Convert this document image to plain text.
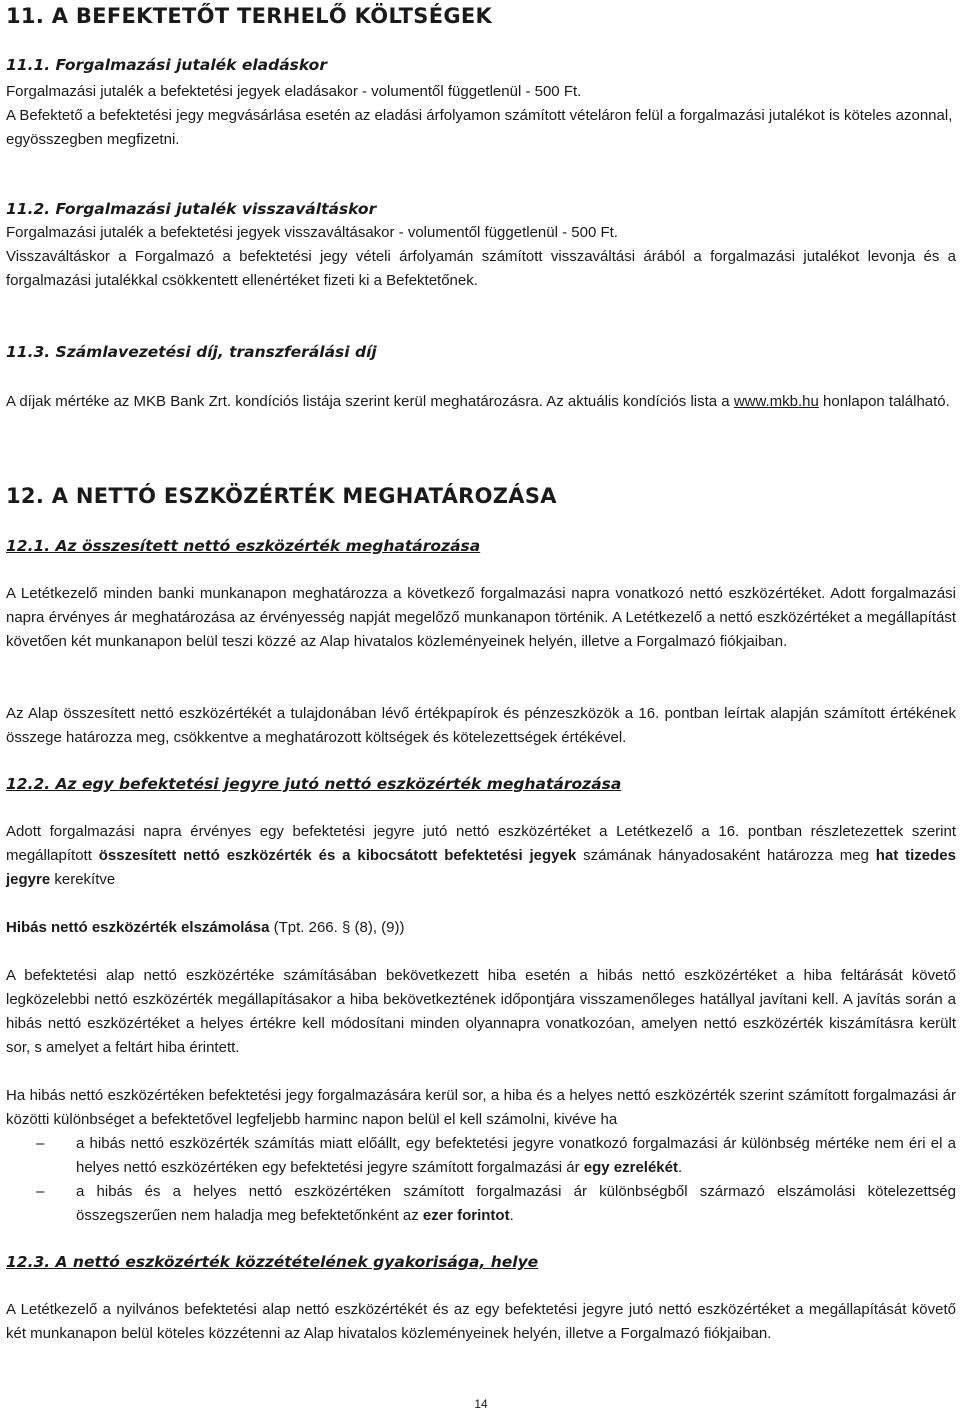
11. A BEFEKTETŐT TERHELŐ KÖLTSÉGEK
11.1. Forgalmazási jutalék eladáskor
Forgalmazási jutalék a befektetési jegyek eladásakor - volumentől függetlenül - 500 Ft.
A Befektető a befektetési jegy megvásárlása esetén az eladási árfolyamon számított vételáron felül a forgalmazási jutalékot is köteles azonnal, egyösszegben megfizetni.
11.2. Forgalmazási jutalék visszaváltáskor
Forgalmazási jutalék a befektetési jegyek visszaváltásakor - volumentől függetlenül - 500 Ft.
Visszaváltáskor a Forgalmazó a befektetési jegy vételi árfolyamán számított visszaváltási árából a forgalmazási jutalékot levonja és a forgalmazási jutalékkal csökkentett ellenértéket fizeti ki a Befektetőnek.
11.3. Számlavezetési díj, transzferálási díj
A díjak mértéke az MKB Bank Zrt. kondíciós listája szerint kerül meghatározásra. Az aktuális kondíciós lista a www.mkb.hu honlapon található.
12. A NETTÓ ESZKÖZÉRTÉK MEGHATÁROZÁSA
12.1. Az összesített nettó eszközérték meghatározása
A Letétkezelő minden banki munkanapon meghatározza a következő forgalmazási napra vonatkozó nettó eszközértéket. Adott forgalmazási napra érvényes ár meghatározása az érvényesség napját megelőző munkanapon történik. A Letétkezelő a nettó eszközértéket a megállapítást követően két munkanapon belül teszi közzé az Alap hivatalos közleményeinek helyén, illetve a Forgalmazó fiókjaiban.
Az Alap összesített nettó eszközértékét a tulajdonában lévő értékpapírok és pénzeszközök a 16. pontban leírtak alapján számított értékének összege határozza meg, csökkentve a meghatározott költségek és kötelezettségek értékével.
12.2. Az egy befektetési jegyre jutó nettó eszközérték meghatározása
Adott forgalmazási napra érvényes egy befektetési jegyre jutó nettó eszközértéket a Letétkezelő a 16. pontban részletezettek szerint megállapított összesített nettó eszközérték és a kibocsátott befektetési jegyek számának hányadosaként határozza meg hat tizedes jegyre kerekítve
Hibás nettó eszközérték elszámolása (Tpt. 266. § (8), (9))
A befektetési alap nettó eszközértéke számításában bekövetkezett hiba esetén a hibás nettó eszközértéket a hiba feltárását követő legközelebbi nettó eszközérték megállapításakor a hiba bekövetkeztének időpontjára visszamenőleges hatállyal javítani kell. A javítás során a hibás nettó eszközértéket a helyes értékre kell módosítani minden olyannapra vonatkozóan, amelyen nettó eszközérték kiszámításra került sor, s amelyet a feltárt hiba érintett.
Ha hibás nettó eszközértéken befektetési jegy forgalmazására kerül sor, a hiba és a helyes nettó eszközérték szerint számított forgalmazási ár közötti különbséget a befektetővel legfeljebb harminc napon belül el kell számolni, kivéve ha
– a hibás nettó eszközérték számítás miatt előállt, egy befektetési jegyre vonatkozó forgalmazási ár különbség mértéke nem éri el a helyes nettó eszközértéken egy befektetési jegyre számított forgalmazási ár egy ezrelékét.
– a hibás és a helyes nettó eszközértéken számított forgalmazási ár különbségből származó elszámolási kötelezettség összegszerűen nem haladja meg befektetőnként az ezer forintot.
12.3. A nettó eszközérték közzétételének gyakorisága, helye
A Letétkezelő a nyilvános befektetési alap nettó eszközértékét és az egy befektetési jegyre jutó nettó eszközértéket a megállapítását követő két munkanapon belül köteles közzétenni az Alap hivatalos közleményeinek helyén, illetve a Forgalmazó fiókjaiban.
14
